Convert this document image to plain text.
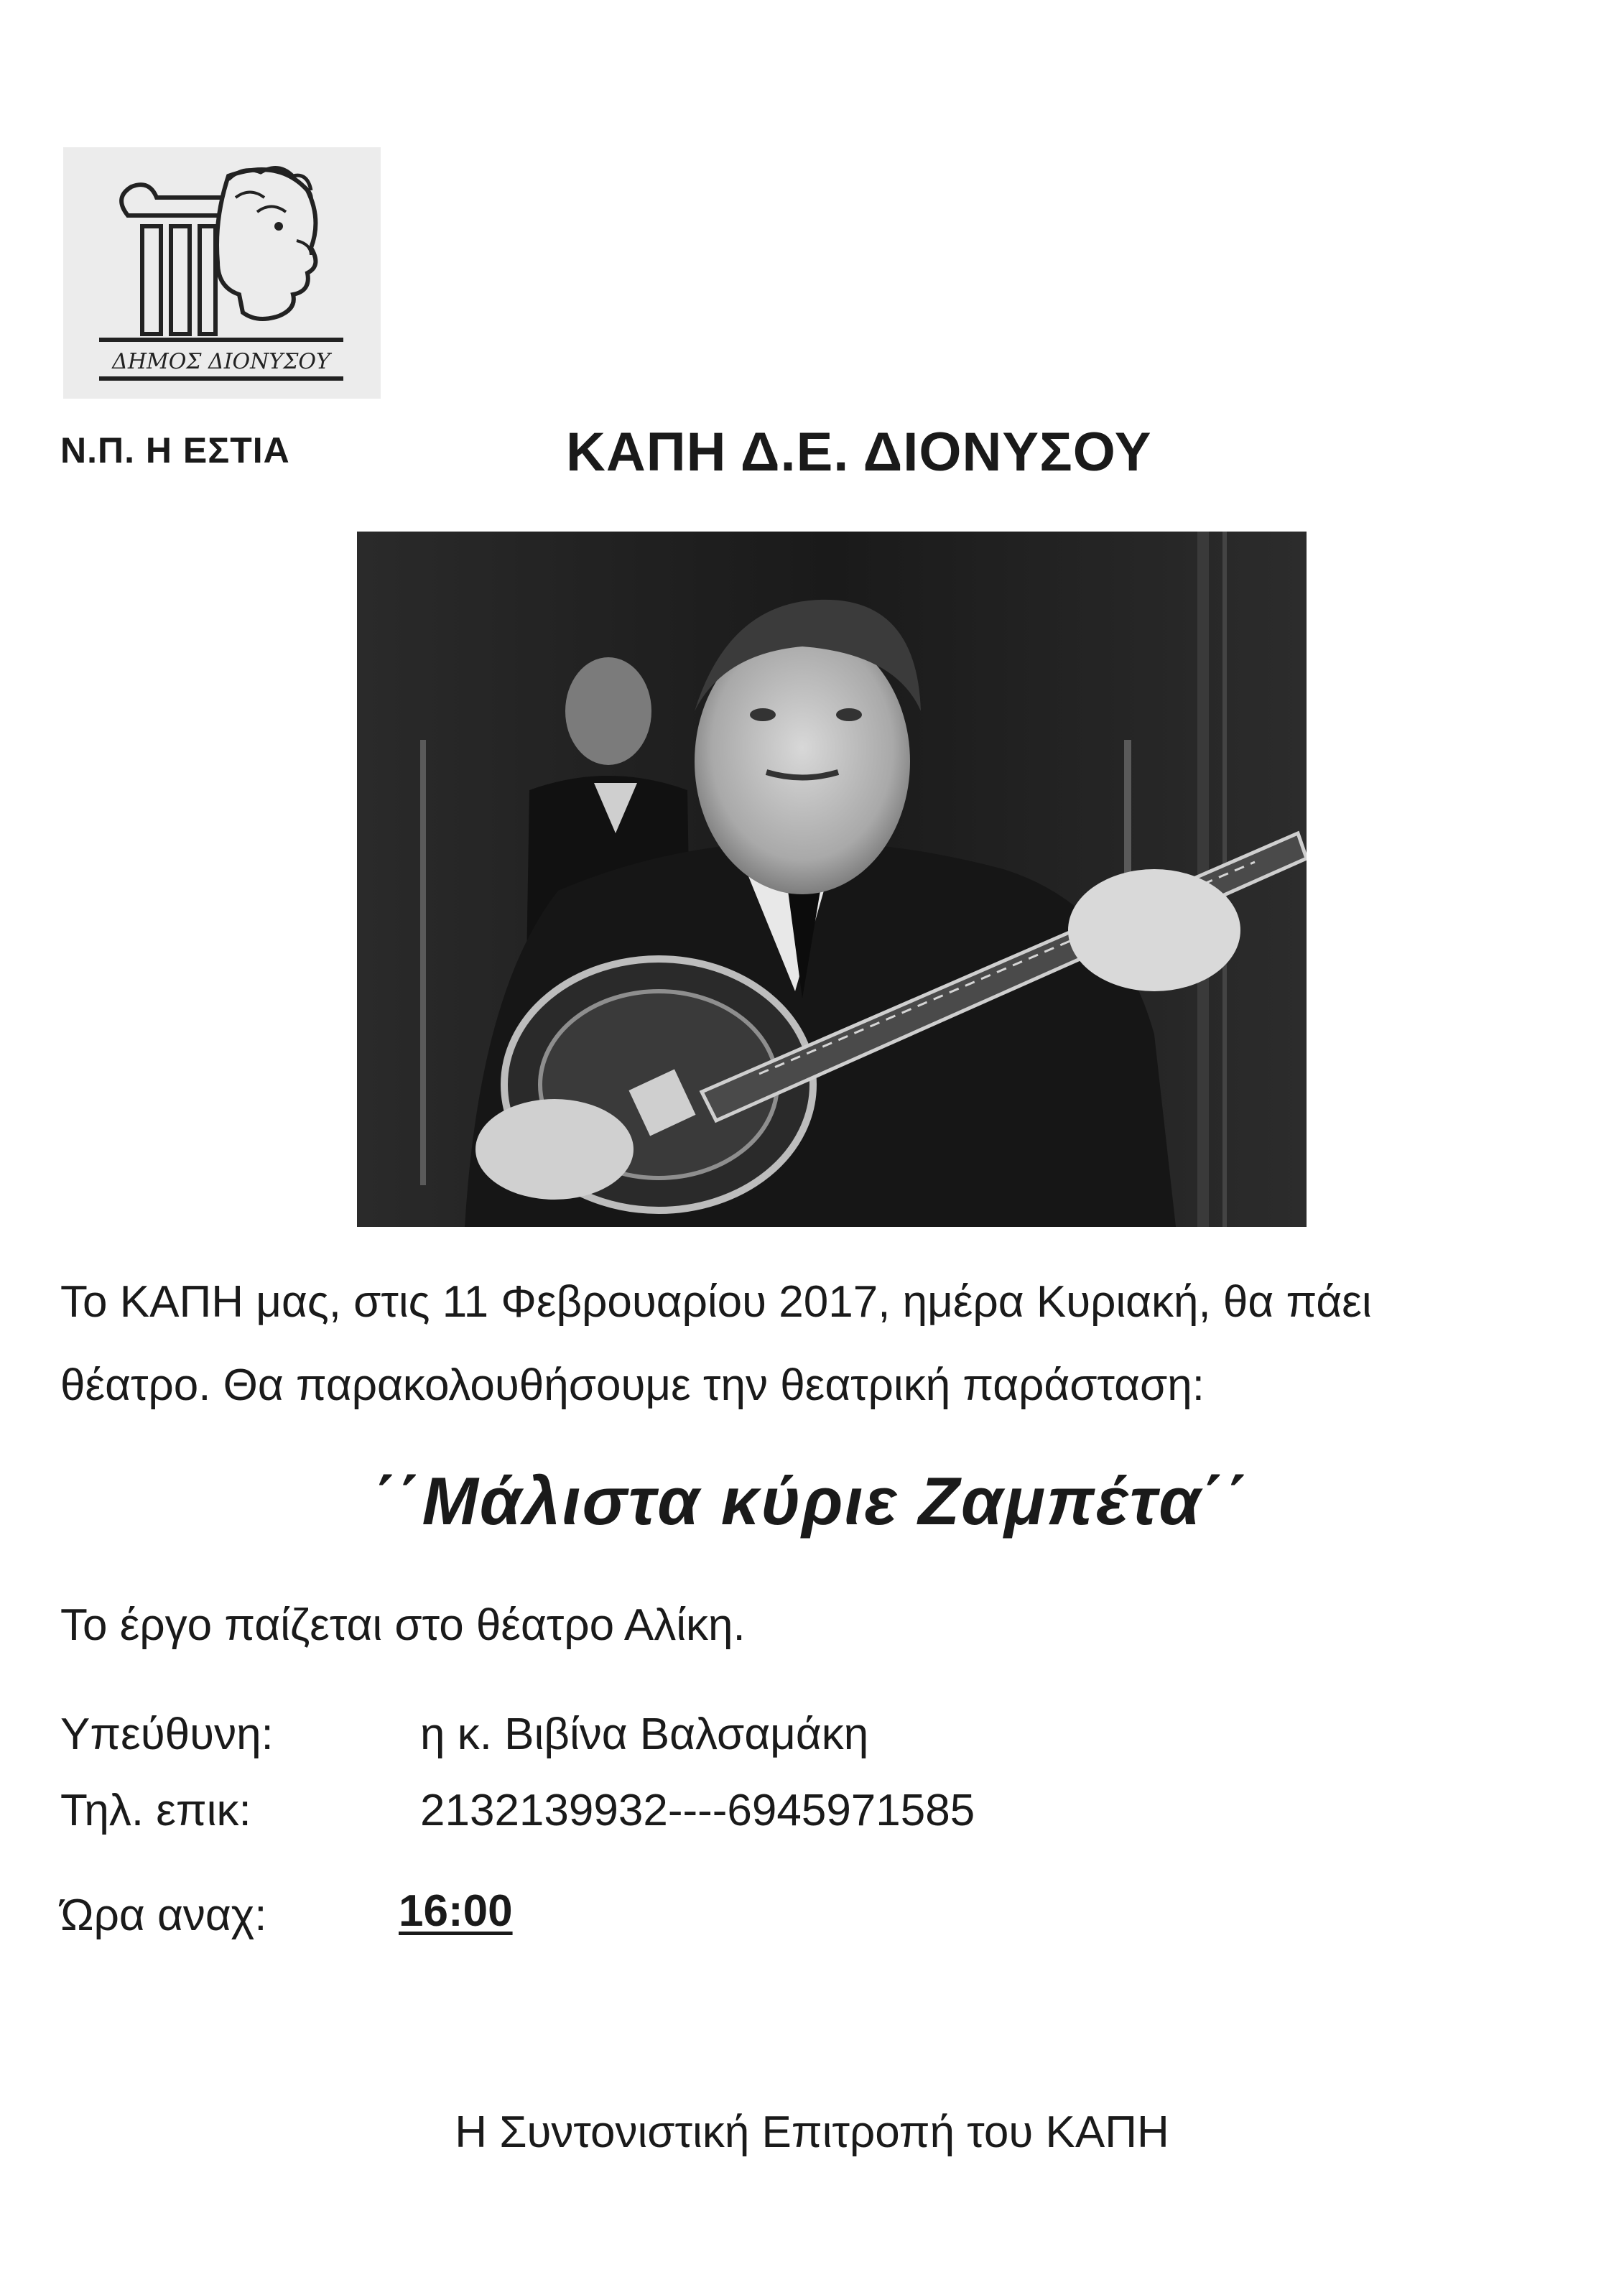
ΔΗΜΟΣ ΔΙΟΝΥΣΟΥ
Ν.Π. Η ΕΣΤΙΑ	ΚΑΠΗ Δ.Ε. ΔΙΟΝΥΣΟΥ
Το ΚΑΠΗ μας, στις 11 Φεβρουαρίου 2017, ημέρα Κυριακή, θα πάει
θέατρο. Θα παρακολουθήσουμε την θεατρική παράσταση:
΄΄Μάλιστα κύριε Ζαμπέτα΄΄
Το έργο παίζεται στο θέατρο Αλίκη.
Υπεύθυνη:	η κ. Βιβίνα Βαλσαμάκη
Τηλ. επικ:	2132139932----6945971585
Ώρα αναχ:	16:00
Η Συντονιστική Επιτροπή του ΚΑΠΗ
